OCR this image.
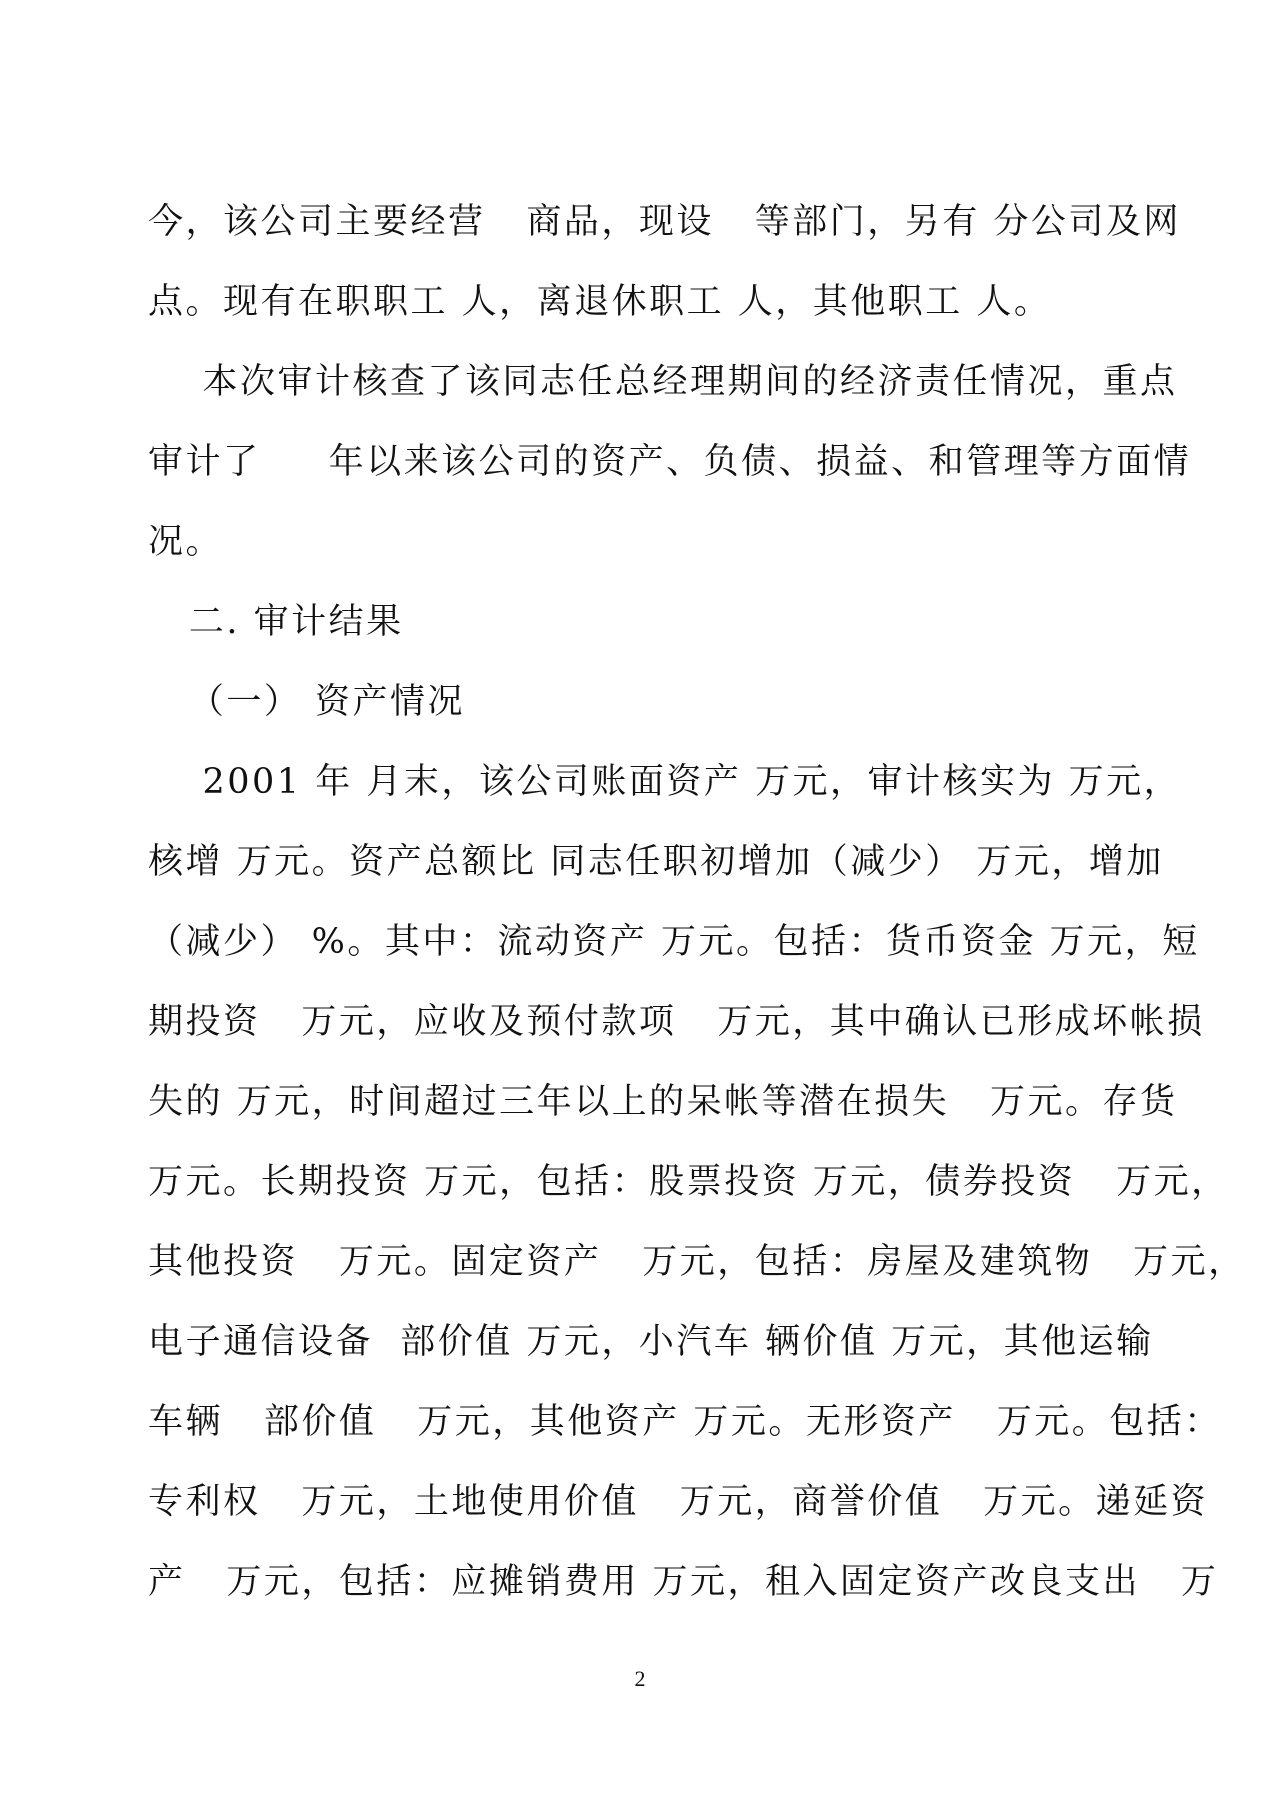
今，该公司主要经营   商品，现设   等部门，另有 分公司及网
点。现有在职职工 人，离退休职工 人，其他职工 人。
本次审计核查了该同志任总经理期间的经济责任情况，重点
审计了     年以来该公司的资产、负债、损益、和管理等方面情
况。
二. 审计结果
（一） 资产情况
2001 年 月末，该公司账面资产 万元，审计核实为 万元，
核增 万元。资产总额比 同志任职初增加（减少） 万元，增加
（减少） %。其中：流动资产 万元。包括：货币资金 万元，短
期投资   万元，应收及预付款项   万元，其中确认已形成坏帐损
失的 万元，时间超过三年以上的呆帐等潜在损失   万元。存货
万元。长期投资 万元，包括：股票投资 万元，债券投资   万元，
其他投资   万元。固定资产   万元，包括：房屋及建筑物   万元，
电子通信设备  部价值 万元，小汽车 辆价值 万元，其他运输
车辆   部价值   万元，其他资产 万元。无形资产   万元。包括：
专利权   万元，土地使用价值   万元，商誉价值   万元。递延资
产   万元，包括：应摊销费用 万元，租入固定资产改良支出   万
2
